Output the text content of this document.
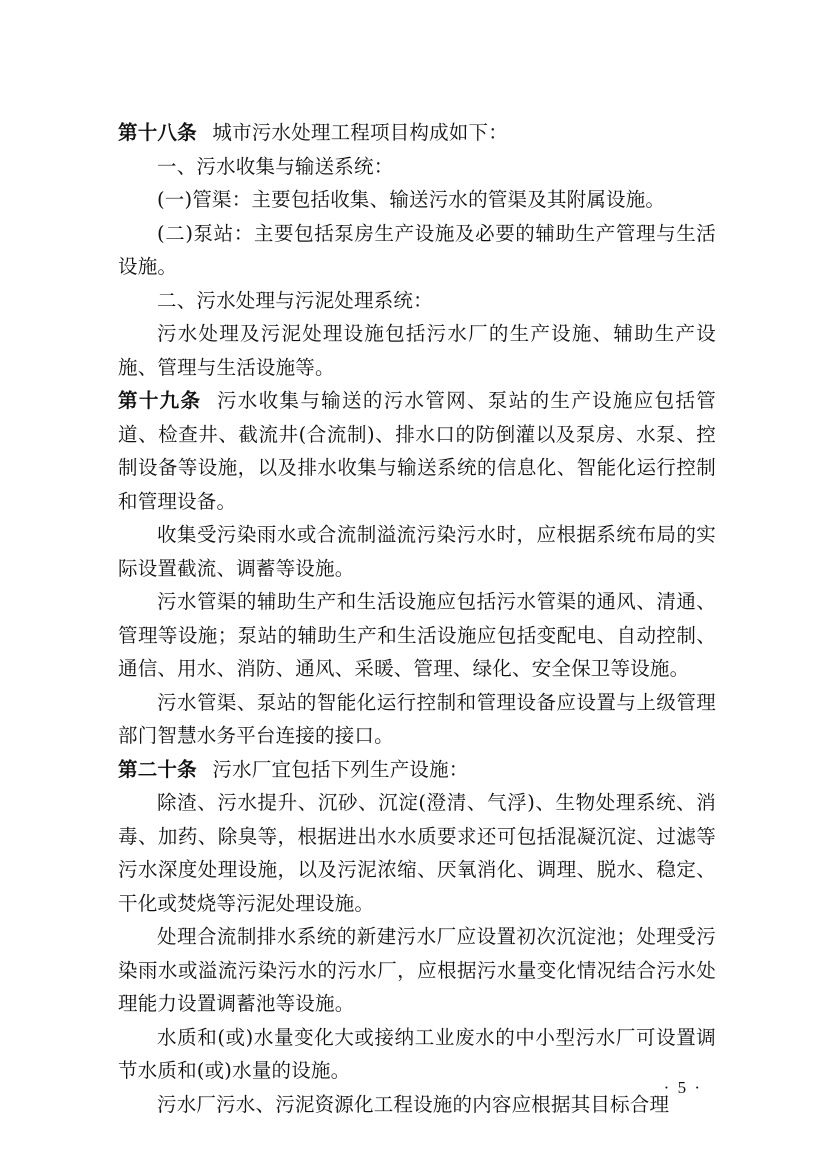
第十八条 城市污水处理工程项目构成如下：

一、污水收集与输送系统：

(一)管渠：主要包括收集、输送污水的管渠及其附属设施。

(二)泵站：主要包括泵房生产设施及必要的辅助生产管理与生活设施。

二、污水处理与污泥处理系统：

污水处理及污泥处理设施包括污水厂的生产设施、辅助生产设施、管理与生活设施等。

第十九条 污水收集与输送的污水管网、泵站的生产设施应包括管道、检查井、截流井(合流制)、排水口的防倒灌以及泵房、水泵、控制设备等设施，以及排水收集与输送系统的信息化、智能化运行控制和管理设备。

收集受污染雨水或合流制溢流污染污水时，应根据系统布局的实际设置截流、调蓄等设施。

污水管渠的辅助生产和生活设施应包括污水管渠的通风、清通、管理等设施；泵站的辅助生产和生活设施应包括变配电、自动控制、通信、用水、消防、通风、采暖、管理、绿化、安全保卫等设施。

污水管渠、泵站的智能化运行控制和管理设备应设置与上级管理部门智慧水务平台连接的接口。

第二十条 污水厂宜包括下列生产设施：

除渣、污水提升、沉砂、沉淀(澄清、气浮)、生物处理系统、消毒、加药、除臭等，根据进出水水质要求还可包括混凝沉淀、过滤等污水深度处理设施，以及污泥浓缩、厌氧消化、调理、脱水、稳定、干化或焚烧等污泥处理设施。

处理合流制排水系统的新建污水厂应设置初次沉淀池；处理受污染雨水或溢流污染污水的污水厂，应根据污水量变化情况结合污水处理能力设置调蓄池等设施。

水质和(或)水量变化大或接纳工业废水的中小型污水厂可设置调节水质和(或)水量的设施。

污水厂污水、污泥资源化工程设施的内容应根据其目标合理

· 5 ·
